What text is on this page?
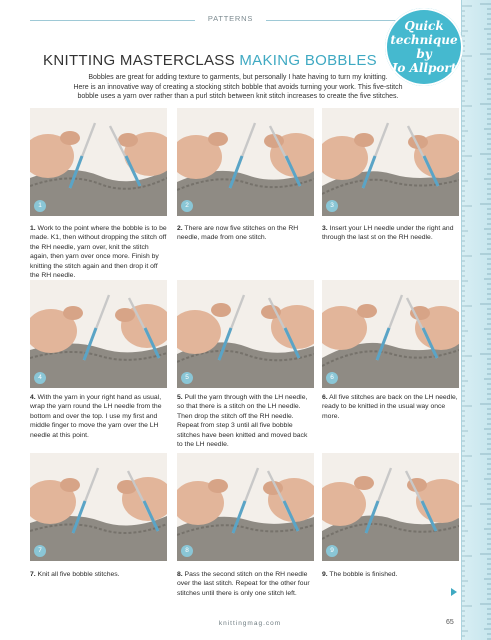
PATTERNS
Quick
technique by
Jo Allport
KNITTING MASTERCLASS MAKING BOBBLES
Bobbles are great for adding texture to garments, but personally I hate having to turn my knitting.
Here is an innovative way of creating a stocking stitch bobble that avoids turning your work. This five-stitch
bobble uses a yarn over rather than a purl stitch between knit stitch increases to create the five stitches.
1
1. Work to the point where the bobble is to be made. K1, then without dropping the stitch off the RH needle, yarn over, knit the stitch again, then yarn over once more. Finish by knitting the stitch again and then drop it off the RH needle.
2
2. There are now five stitches on the RH needle, made from one stitch.
3
3. Insert your LH needle under the right and through the last st on the RH needle.
4
4. With the yarn in your right hand as usual, wrap the yarn round the LH needle from the bottom and over the top. I use my first and middle finger to move the yarn over the LH needle at this point.
5
5. Pull the yarn through with the LH needle, so that there is a stitch on the LH needle. Then drop the stitch off the RH needle. Repeat from step 3 until all five bobble stitches have been knitted and moved back to the LH needle.
6
6. All five stitches are back on the LH needle, ready to be knitted in the usual way once more.
7
7. Knit all five bobble stitches.
8
8. Pass the second stitch on the RH needle over the last stitch. Repeat for the other four stitches until there is only one stitch left.
9
9. The bobble is finished.
knittingmag.com	65
